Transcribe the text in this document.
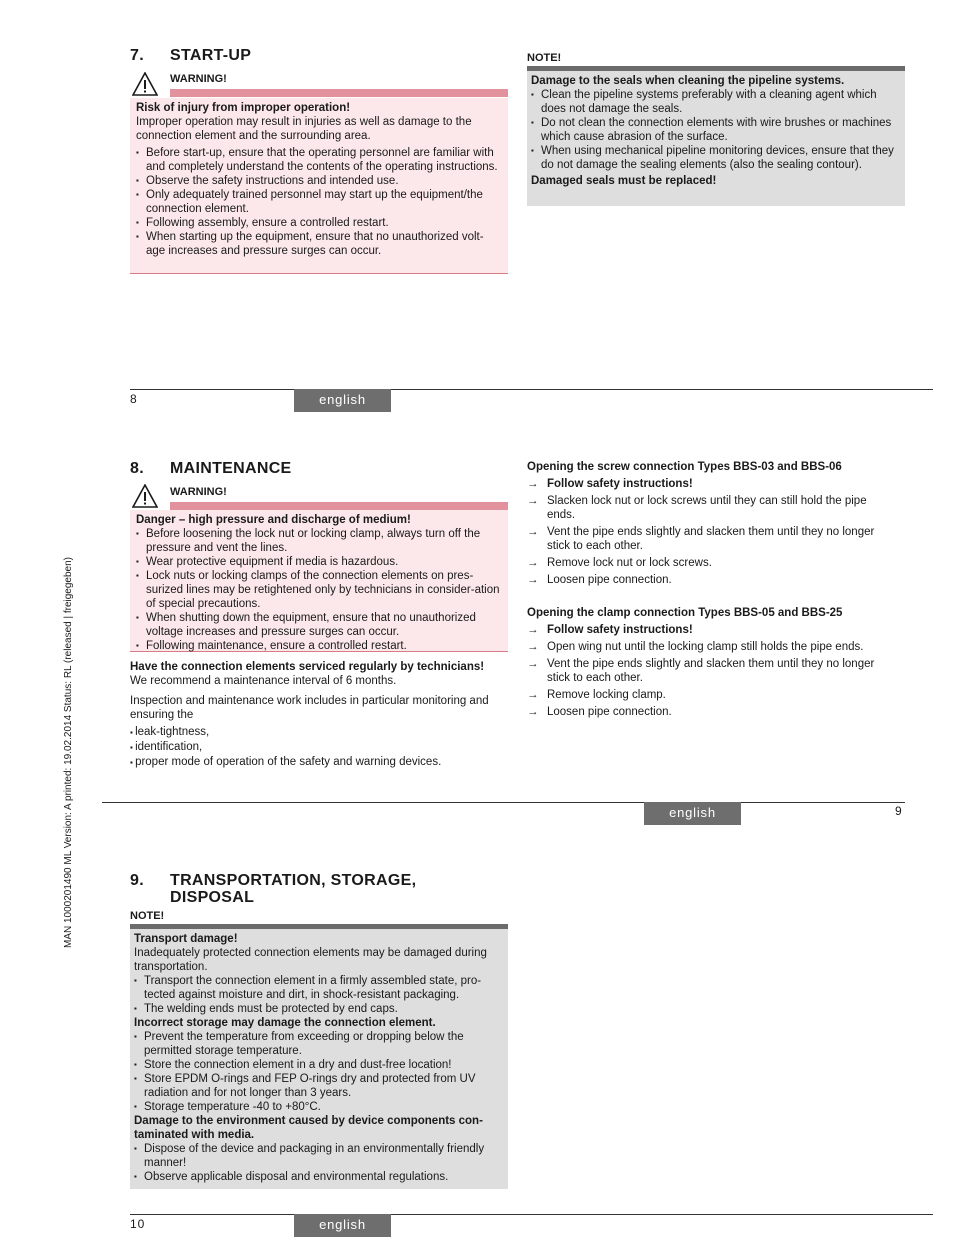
MAN 1000201490 ML Version: A printed: 19.02.2014 Status: RL (released | freigegeben)
7. START-UP
WARNING!

Risk of injury from improper operation!

Improper operation may result in injuries as well as damage to the connection element and the surrounding area.

▪ Before start-up, ensure that the operating personnel are familiar with and completely understand the contents of the operating instructions.
▪ Observe the safety instructions and intended use.
▪ Only adequately trained personnel may start up the equipment/the connection element.
▪ Following assembly, ensure a controlled restart.
▪ When starting up the equipment, ensure that no unauthorized volt-age increases and pressure surges can occur.
NOTE!

Damage to the seals when cleaning the pipeline systems.

▪ Clean the pipeline systems preferably with a cleaning agent which does not damage the seals.
▪ Do not clean the connection elements with wire brushes or machines which cause abrasion of the surface.
▪ When using mechanical pipeline monitoring devices, ensure that they do not damage the sealing elements (also the sealing contour).

Damaged seals must be replaced!

8	english
8. MAINTENANCE
WARNING!

Danger – high pressure and discharge of medium!

▪ Before loosening the lock nut or locking clamp, always turn off the pressure and vent the lines.
▪ Wear protective equipment if media is hazardous.
▪ Lock nuts or locking clamps of the connection elements on pres-surized lines may be retightened only by technicians in consider-ation of special precautions.
▪ When shutting down the equipment, ensure that no unauthorized voltage increases and pressure surges can occur.
▪ Following maintenance, ensure a controlled restart.

Have the connection elements serviced regularly by technicians!

We recommend a maintenance interval of 6 months.

Inspection and maintenance work includes in particular monitoring and ensuring the

▪ leak-tightness,
▪ identification,
▪ proper mode of operation of the safety and warning devices.

Opening the screw connection Types BBS-03 and BBS-06

→ Follow safety instructions!
→ Slacken lock nut or lock screws until they can still hold the pipe ends.
→ Vent the pipe ends slightly and slacken them until they no longer stick to each other.
→ Remove lock nut or lock screws.
→ Loosen pipe connection.

Opening the clamp connection Types BBS-05 and BBS-25

→ Follow safety instructions!
→ Open wing nut until the locking clamp still holds the pipe ends.
→ Vent the pipe ends slightly and slacken them until they no longer stick to each other.
→ Remove locking clamp.
→ Loosen pipe connection.
english	9
9. TRANSPORTATION, STORAGE,
DISPOSAL
NOTE!

Transport damage!

Inadequately protected connection elements may be damaged during transportation.

▪ Transport the connection element in a firmly assembled state, pro-tected against moisture and dirt, in shock-resistant packaging.
▪ The welding ends must be protected by end caps.

Incorrect storage may damage the connection element.

▪ Prevent the temperature from exceeding or dropping below the permitted storage temperature.
▪ Store the connection element in a dry and dust-free location!
▪ Store EPDM O-rings and FEP O-rings dry and protected from UV radiation and for not longer than 3 years.
▪ Storage temperature -40 to +80°C.

Damage to the environment caused by device components con-taminated with media.

▪ Dispose of the device and packaging in an environmentally friendly manner!
▪ Observe applicable disposal and environmental regulations.
10	english
